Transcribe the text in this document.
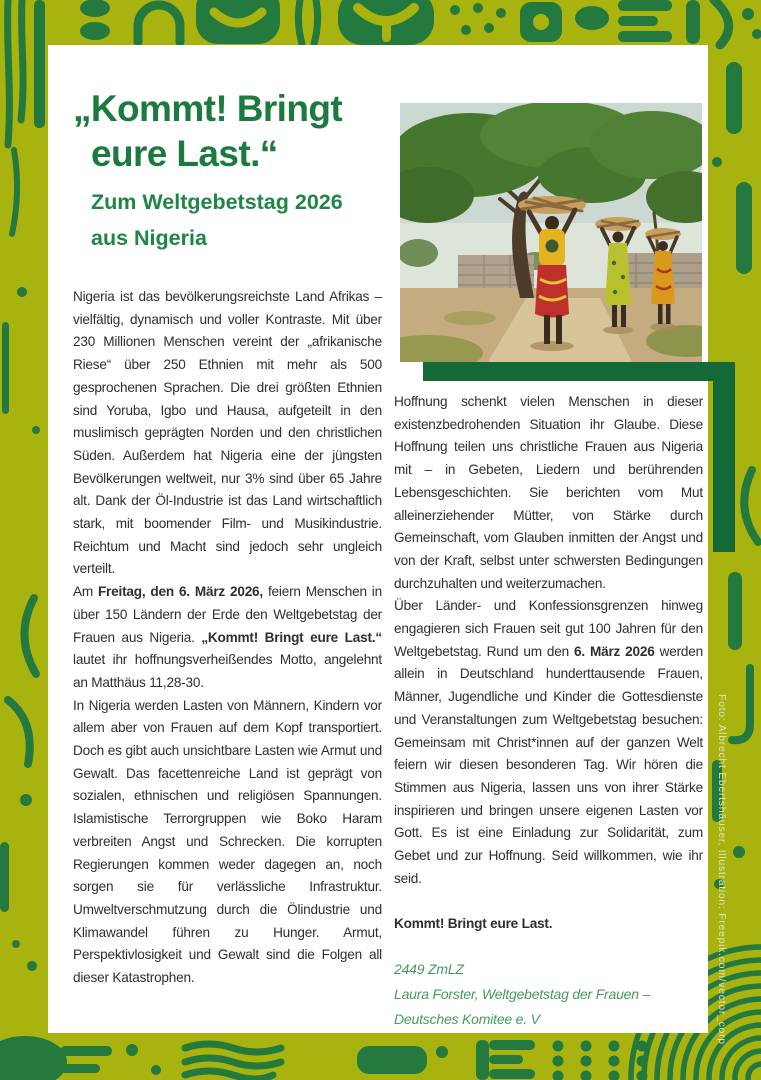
„Kommt! Bringt eure Last.“
Zum Weltgebetstag 2026 aus Nigeria

Nigeria ist das bevölkerungsreichste Land Afrikas – vielfältig, dynamisch und voller Kontraste. Mit über 230 Millionen Menschen vereint der „afrikanische Riese“ über 250 Ethnien mit mehr als 500 gesprochenen Sprachen. Die drei größten Ethnien sind Yoruba, Igbo und Hausa, aufgeteilt in den muslimisch geprägten Norden und den christlichen Süden. Außerdem hat Nigeria eine der jüngsten Bevölkerungen weltweit, nur 3% sind über 65 Jahre alt. Dank der Öl-Industrie ist das Land wirtschaftlich stark, mit boomender Film- und Musikindustrie. Reichtum und Macht sind jedoch sehr ungleich verteilt.

Am Freitag, den 6. März 2026, feiern Menschen in über 150 Ländern der Erde den Weltgebetstag der Frauen aus Nigeria. „Kommt! Bringt eure Last.“ lautet ihr hoffnungsverheißendes Motto, angelehnt an Matthäus 11,28-30.

In Nigeria werden Lasten von Männern, Kindern vor allem aber von Frauen auf dem Kopf transportiert. Doch es gibt auch unsichtbare Lasten wie Armut und Gewalt. Das facettenreiche Land ist geprägt von sozialen, ethnischen und religiösen Spannungen. Islamistische Terrorgruppen wie Boko Haram verbreiten Angst und Schrecken. Die korrupten Regierungen kommen weder dagegen an, noch sorgen sie für verlässliche Infrastruktur. Umweltverschmutzung durch die Ölindustrie und Klimawandel führen zu Hunger. Armut, Perspektivlosigkeit und Gewalt sind die Folgen all dieser Katastrophen.

Hoffnung schenkt vielen Menschen in dieser existenzbedrohenden Situation ihr Glaube. Diese Hoffnung teilen uns christliche Frauen aus Nigeria mit – in Gebeten, Liedern und berührenden Lebensgeschichten. Sie berichten vom Mut alleinerziehender Mütter, von Stärke durch Gemeinschaft, vom Glauben inmitten der Angst und von der Kraft, selbst unter schwersten Bedingungen durchzuhalten und weiterzumachen.

Über Länder- und Konfessionsgrenzen hinweg engagieren sich Frauen seit gut 100 Jahren für den Weltgebetstag. Rund um den 6. März 2026 werden allein in Deutschland hunderttausende Frauen, Männer, Jugendliche und Kinder die Gottesdienste und Veranstaltungen zum Weltgebetstag besuchen: Gemeinsam mit Christ*innen auf der ganzen Welt feiern wir diesen besonderen Tag. Wir hören die Stimmen aus Nigeria, lassen uns von ihrer Stärke inspirieren und bringen unsere eigenen Lasten vor Gott. Es ist eine Einladung zur Solidarität, zum Gebet und zur Hoffnung. Seid willkommen, wie ihr seid.

Kommt! Bringt eure Last.

2449 ZmLZ
Laura Forster, Weltgebetstag der Frauen –
Deutsches Komitee e. V	Foto: Albrecht Ebertshäuser, Illustration: Freepik.com/vector_corp
